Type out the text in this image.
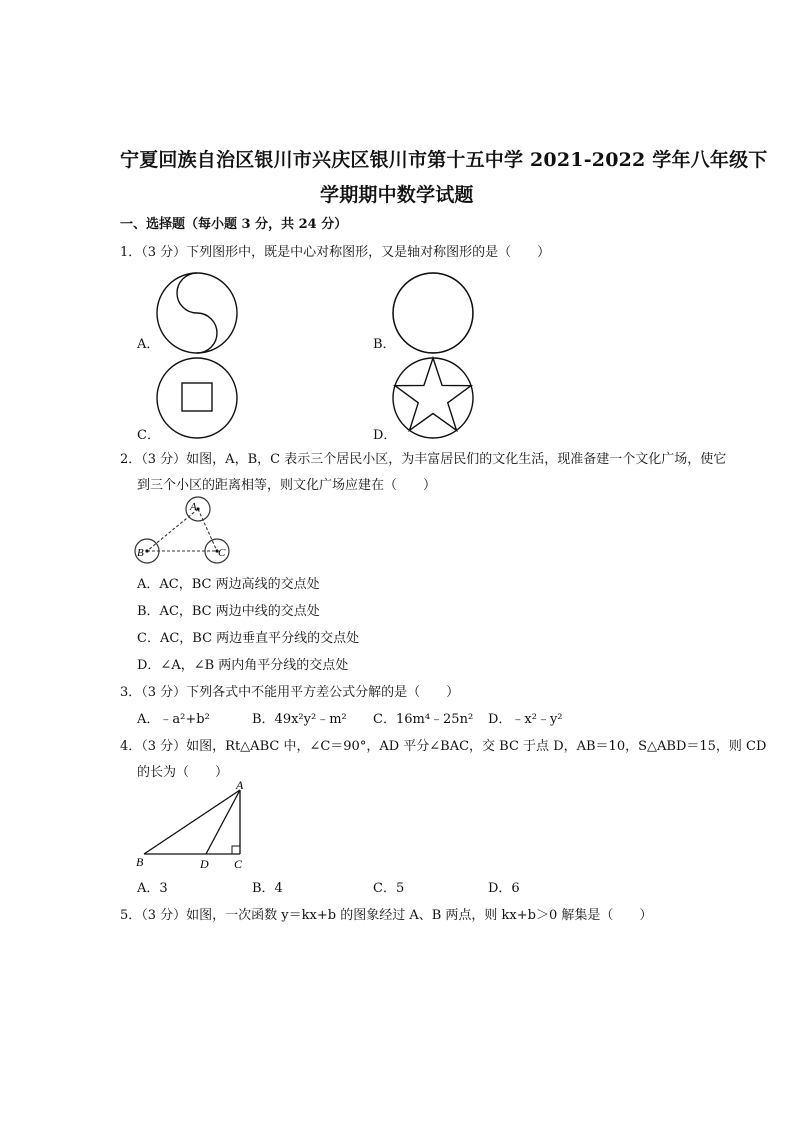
宁夏回族自治区银川市兴庆区银川市第十五中学 2021-2022 学年八年级下
学期期中数学试题
一、选择题（每小题 3 分，共 24 分）
1．（3 分）下列图形中，既是中心对称图形，又是轴对称图形的是（　　）
A．	B．
C．	D．
2．（3 分）如图，A，B，C 表示三个居民小区，为丰富居民们的文化生活，现准备建一个文化广场，使它
到三个小区的距离相等，则文化广场应建在（　　）
A
B	C
A．AC，BC 两边高线的交点处
B．AC，BC 两边中线的交点处
C．AC，BC 两边垂直平分线的交点处
D．∠A，∠B 两内角平分线的交点处
3．（3 分）下列各式中不能用平方差公式分解的是（　　）
A．﹣a²+b²	B．49x²y²﹣m² C．16m⁴﹣25n² D．﹣x²﹣y²
4．（3 分）如图，Rt△ABC 中，∠C＝90°，AD 平分∠BAC，交 BC 于点 D，AB＝10，S△ABD＝15，则 CD
的长为（　　）
A
B	D C
A．3	B．4	C．5	D．6
5．（3 分）如图，一次函数 y＝kx+b 的图象经过 A、B 两点，则 kx+b＞0 解集是（　　）
